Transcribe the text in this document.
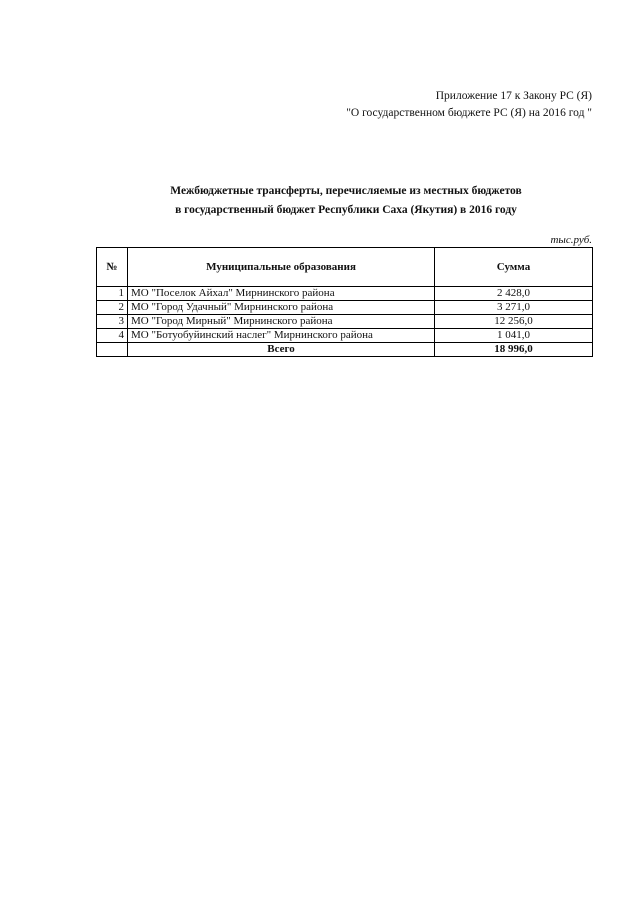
Приложение 17 к Закону РС (Я)
"О государственном бюджете РС (Я) на 2016 год "
Межбюджетные трансферты, перечисляемые из местных бюджетов
в государственный бюджет Республики Саха (Якутия) в 2016 году
тыс.руб.
№	Муниципальные образования	Сумма
1	МО "Поселок Айхал" Мирнинского района	2 428,0
2	МО "Город Удачный" Мирнинского района	3 271,0
3	МО "Город Мирный" Мирнинского района	12 256,0
4	МО "Ботуобуйинский наслег" Мирнинского района	1 041,0
	Всего	18 996,0
